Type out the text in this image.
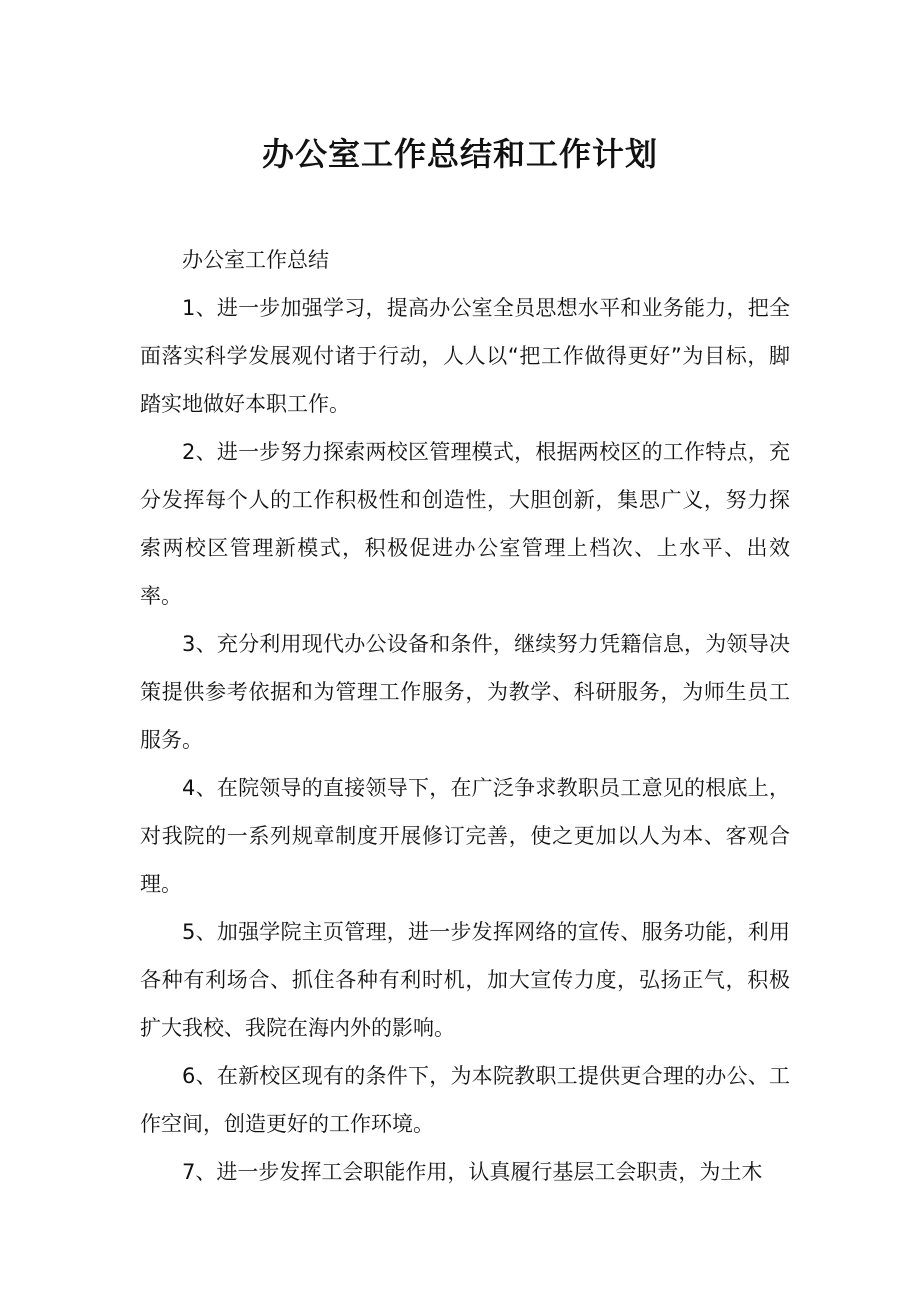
办公室工作总结和工作计划

办公室工作总结

1、进一步加强学习，提高办公室全员思想水平和业务能力，把全面落实科学发展观付诸于行动，人人以“把工作做得更好”为目标，脚踏实地做好本职工作。

2、进一步努力探索两校区管理模式，根据两校区的工作特点，充分发挥每个人的工作积极性和创造性，大胆创新，集思广义，努力探索两校区管理新模式，积极促进办公室管理上档次、上水平、出效率。

3、充分利用现代办公设备和条件，继续努力凭籍信息，为领导决策提供参考依据和为管理工作服务，为教学、科研服务，为师生员工服务。

4、在院领导的直接领导下，在广泛争求教职员工意见的根底上，对我院的一系列规章制度开展修订完善，使之更加以人为本、客观合理。

5、加强学院主页管理，进一步发挥网络的宣传、服务功能，利用各种有利场合、抓住各种有利时机，加大宣传力度，弘扬正气，积极扩大我校、我院在海内外的影响。

6、在新校区现有的条件下，为本院教职工提供更合理的办公、工作空间，创造更好的工作环境。

7、进一步发挥工会职能作用，认真履行基层工会职责，为土木
